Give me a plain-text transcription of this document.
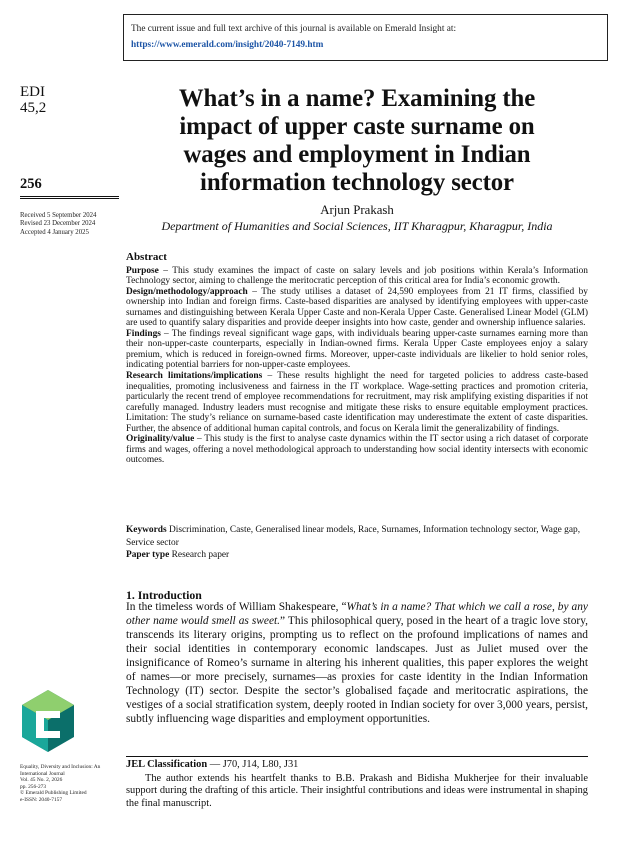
The current issue and full text archive of this journal is available on Emerald Insight at:
https://www.emerald.com/insight/2040-7149.htm
EDI
45,2
256
Received 5 September 2024
Revised 23 December 2024
Accepted 4 January 2025
What’s in a name? Examining the
impact of upper caste surname on
wages and employment in Indian
information technology sector
Arjun Prakash
Department of Humanities and Social Sciences, IIT Kharagpur, Kharagpur, India
Abstract

Purpose – This study examines the impact of caste on salary levels and job positions within Kerala’s Information Technology sector, aiming to challenge the meritocratic perception of this critical area for India’s economic growth.

Design/methodology/approach – The study utilises a dataset of 24,590 employees from 21 IT firms, classified by ownership into Indian and foreign firms. Caste-based disparities are analysed by identifying employees with upper-caste surnames and distinguishing between Kerala Upper Caste and non-Kerala Upper Caste. Generalised Linear Model (GLM) are used to quantify salary disparities and provide deeper insights into how caste, gender and ownership influence salaries.

Findings – The findings reveal significant wage gaps, with individuals bearing upper-caste surnames earning more than their non-upper-caste counterparts, especially in Indian-owned firms. Kerala Upper Caste employees enjoy a salary premium, which is reduced in foreign-owned firms. Moreover, upper-caste individuals are likelier to hold senior roles, indicating potential barriers for non-upper-caste employees.

Research limitations/implications – These results highlight the need for targeted policies to address caste-based inequalities, promoting inclusiveness and fairness in the IT workplace. Wage-setting practices and promotion criteria, particularly the recent trend of employee recommendations for recruitment, may risk amplifying existing disparities if not carefully managed. Industry leaders must recognise and mitigate these risks to ensure equitable employment practices. Limitation: The study’s reliance on surname-based caste identification may underestimate the extent of caste disparities. Further, the absence of additional human capital controls, and focus on Kerala limit the generalizability of findings.

Originality/value – This study is the first to analyse caste dynamics within the IT sector using a rich dataset of corporate firms and wages, offering a novel methodological approach to understanding how social identity intersects with economic outcomes.

Keywords Discrimination, Caste, Generalised linear models, Race, Surnames, Information technology sector, Wage gap, Service sector
Paper type Research paper
1. Introduction

In the timeless words of William Shakespeare, “What’s in a name? That which we call a rose, by any other name would smell as sweet.” This philosophical query, posed in the heart of a tragic love story, transcends its literary origins, prompting us to reflect on the profound implications of names and their social identities in contemporary economic landscapes. Just as Juliet mused over the insignificance of Romeo’s surname in altering his inherent qualities, this paper explores the weight of names—or more precisely, surnames—as proxies for caste identity in the Indian Information Technology (IT) sector. Despite the sector’s globalised façade and meritocratic aspirations, the vestiges of a social stratification system, deeply rooted in Indian society for over 3,000 years, persist, subtly influencing wage disparities and employment opportunities.

JEL Classification — J70, J14, L80, J31
The author extends his heartfelt thanks to B.B. Prakash and Bidisha Mukherjee for their invaluable support during the drafting of this article. Their insightful contributions and ideas were instrumental in shaping the final manuscript.
Equality, Diversity and Inclusion: An
International Journal
Vol. 45 No. 2, 2026
pp. 256-273
© Emerald Publishing Limited
e-ISSN: 2040-7157
